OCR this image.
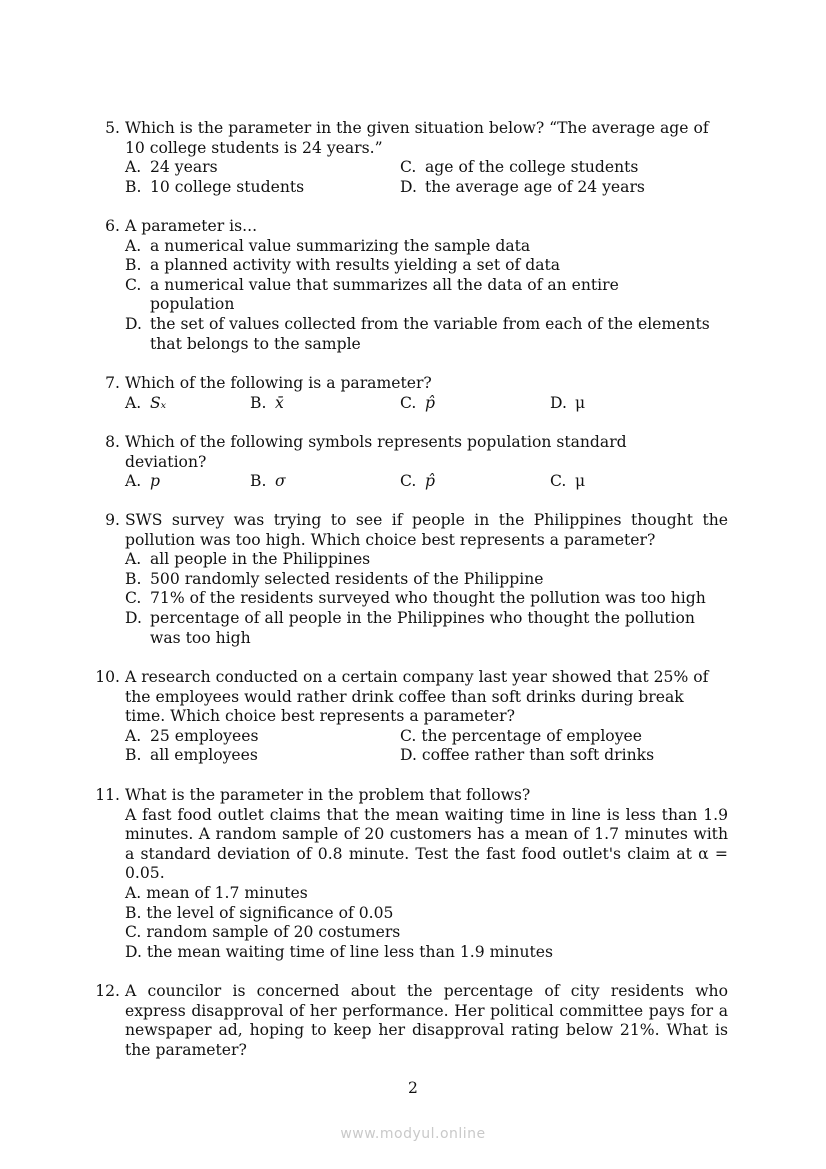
5. Which is the parameter in the given situation below? “The average age of 10 college students is 24 years.”
A. 24 years
B. 10 college students
C. age of the college students
D. the average age of 24 years
6. A parameter is...
A. a numerical value summarizing the sample data
B. a planned activity with results yielding a set of data
C. a numerical value that summarizes all the data of an entire population
D. the set of values collected from the variable from each of the elements that belongs to the sample
7. Which of the following is a parameter?
A. Sₓ	B. x̄	C. p̂	D. μ
8. Which of the following symbols represents population standard deviation?
A. p	B. σ	C. p̂	C. μ
9. SWS survey was trying to see if people in the Philippines thought the pollution was too high. Which choice best represents a parameter?
A. all people in the Philippines
B. 500 randomly selected residents of the Philippine
C. 71% of the residents surveyed who thought the pollution was too high
D. percentage of all people in the Philippines who thought the pollution was too high
10. A research conducted on a certain company last year showed that 25% of the employees would rather drink coffee than soft drinks during break time. Which choice best represents a parameter?
A. 25 employees
B. all employees
C. the percentage of employee
D. coffee rather than soft drinks
11. What is the parameter in the problem that follows?
A fast food outlet claims that the mean waiting time in line is less than 1.9 minutes. A random sample of 20 customers has a mean of 1.7 minutes with a standard deviation of 0.8 minute. Test the fast food outlet's claim at α = 0.05.
A. mean of 1.7 minutes
B. the level of significance of 0.05
C. random sample of 20 costumers
D. the mean waiting time of line less than 1.9 minutes
12. A councilor is concerned about the percentage of city residents who express disapproval of her performance. Her political committee pays for a newspaper ad, hoping to keep her disapproval rating below 21%. What is the parameter?
2
www.modyul.online
